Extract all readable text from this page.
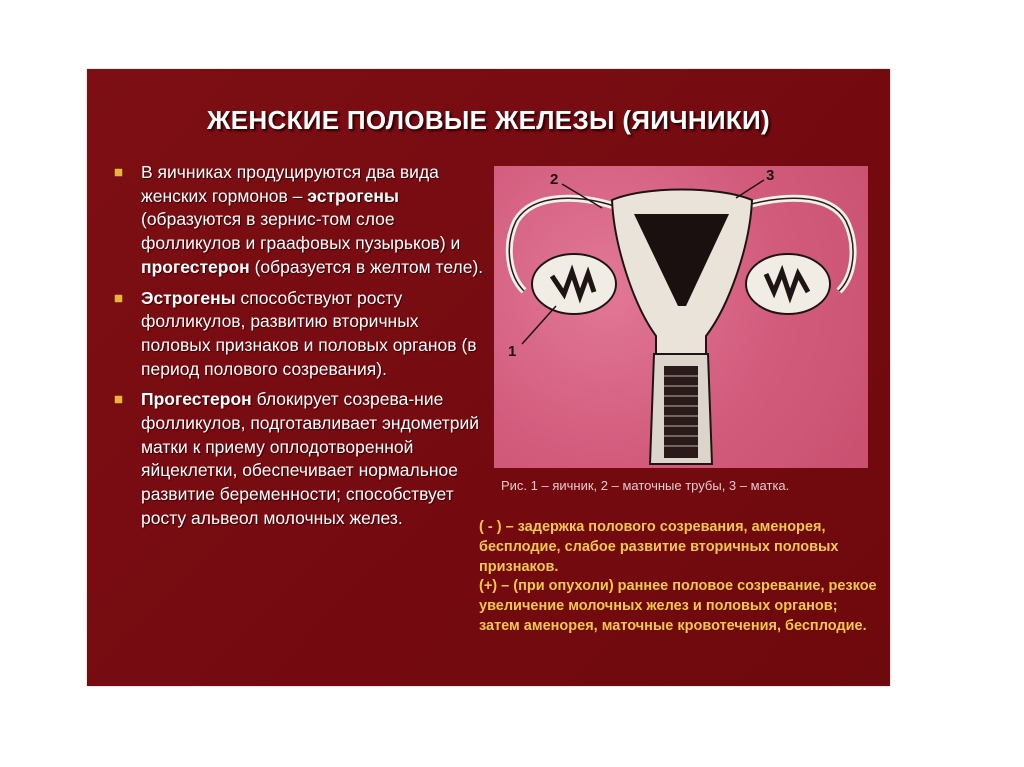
ЖЕНСКИЕ ПОЛОВЫЕ ЖЕЛЕЗЫ (ЯИЧНИКИ)
В яичниках продуцируются два вида женских гормонов – эстрогены (образуются в зернис-том слое фолликулов и граафовых пузырьков) и прогестерон (образуется в желтом теле).
Эстрогены способствуют росту фолликулов, развитию вторичных половых признаков и половых органов (в период полового созревания).
Прогестерон блокирует созрева-ние фолликулов, подготавливает эндометрий матки к приему оплодотворенной яйцеклетки, обеспечивает нормальное развитие беременности; способствует росту альвеол молочных желез.
1
2	3
Рис. 1 – яичник, 2 – маточные трубы, 3 – матка.
( - ) – задержка полового созревания, аменорея, бесплодие, слабое развитие вторичных половых признаков.
(+) – (при опухоли) раннее половое созревание, резкое увеличение молочных желез и половых органов; затем аменорея, маточные кровотечения, бесплодие.
